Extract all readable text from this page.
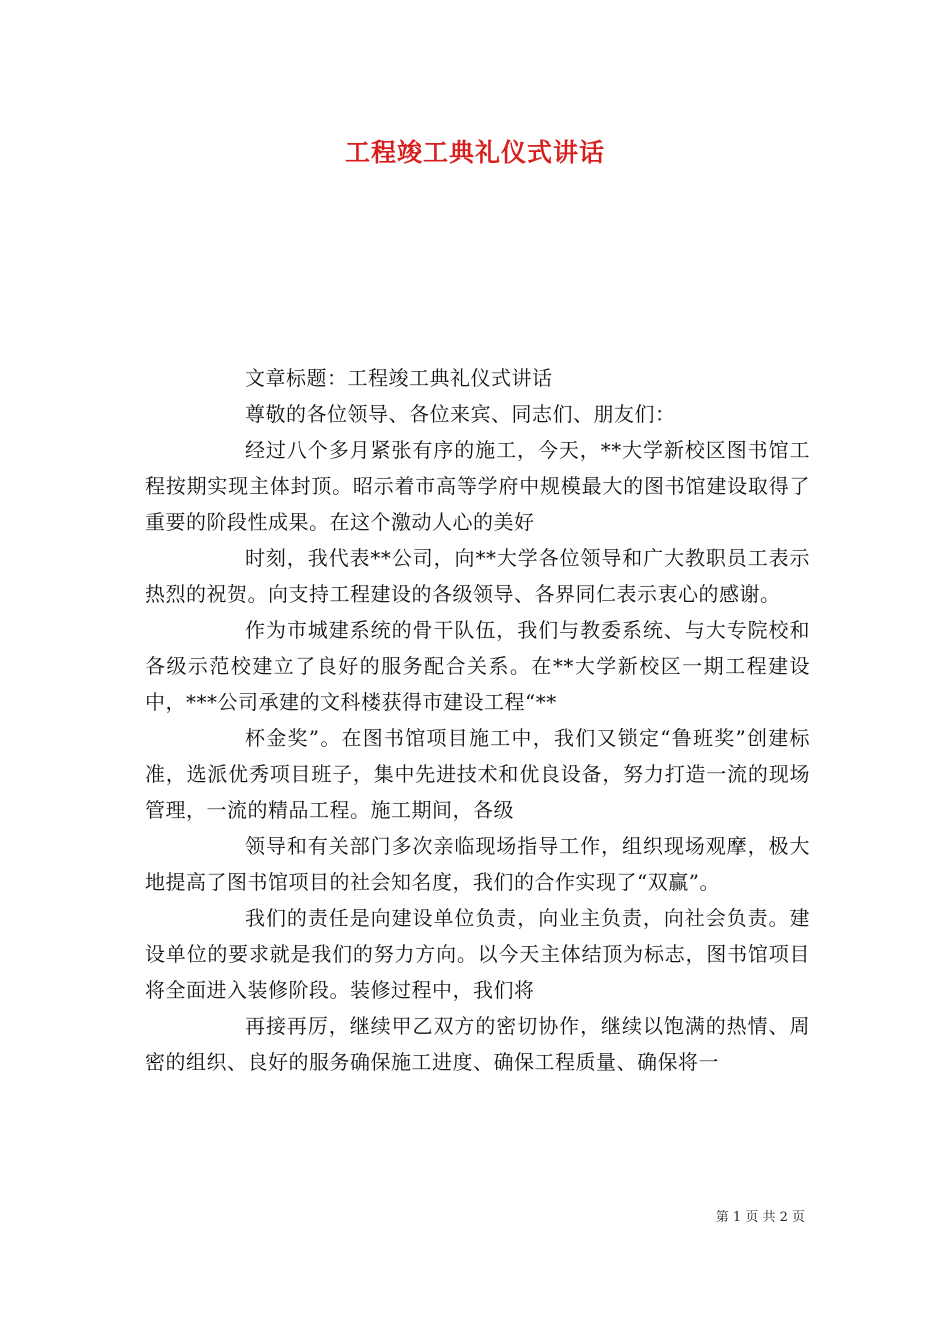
工程竣工典礼仪式讲话

文章标题：工程竣工典礼仪式讲话

尊敬的各位领导、各位来宾、同志们、朋友们：

经过八个多月紧张有序的施工，今天，**大学新校区图书馆工程按期实现主体封顶。昭示着市高等学府中规模最大的图书馆建设取得了重要的阶段性成果。在这个激动人心的美好

时刻，我代表**公司，向**大学各位领导和广大教职员工表示热烈的祝贺。向支持工程建设的各级领导、各界同仁表示衷心的感谢。

作为市城建系统的骨干队伍，我们与教委系统、与大专院校和各级示范校建立了良好的服务配合关系。在**大学新校区一期工程建设中，***公司承建的文科楼获得市建设工程“**

杯金奖”。在图书馆项目施工中，我们又锁定“鲁班奖”创建标准，选派优秀项目班子，集中先进技术和优良设备，努力打造一流的现场管理，一流的精品工程。施工期间，各级

领导和有关部门多次亲临现场指导工作，组织现场观摩，极大地提高了图书馆项目的社会知名度，我们的合作实现了“双赢”。

我们的责任是向建设单位负责，向业主负责，向社会负责。建设单位的要求就是我们的努力方向。以今天主体结顶为标志，图书馆项目将全面进入装修阶段。装修过程中，我们将

再接再厉，继续甲乙双方的密切协作，继续以饱满的热情、周密的组织、良好的服务确保施工进度、确保工程质量、确保将一

第 1 页 共 2 页
